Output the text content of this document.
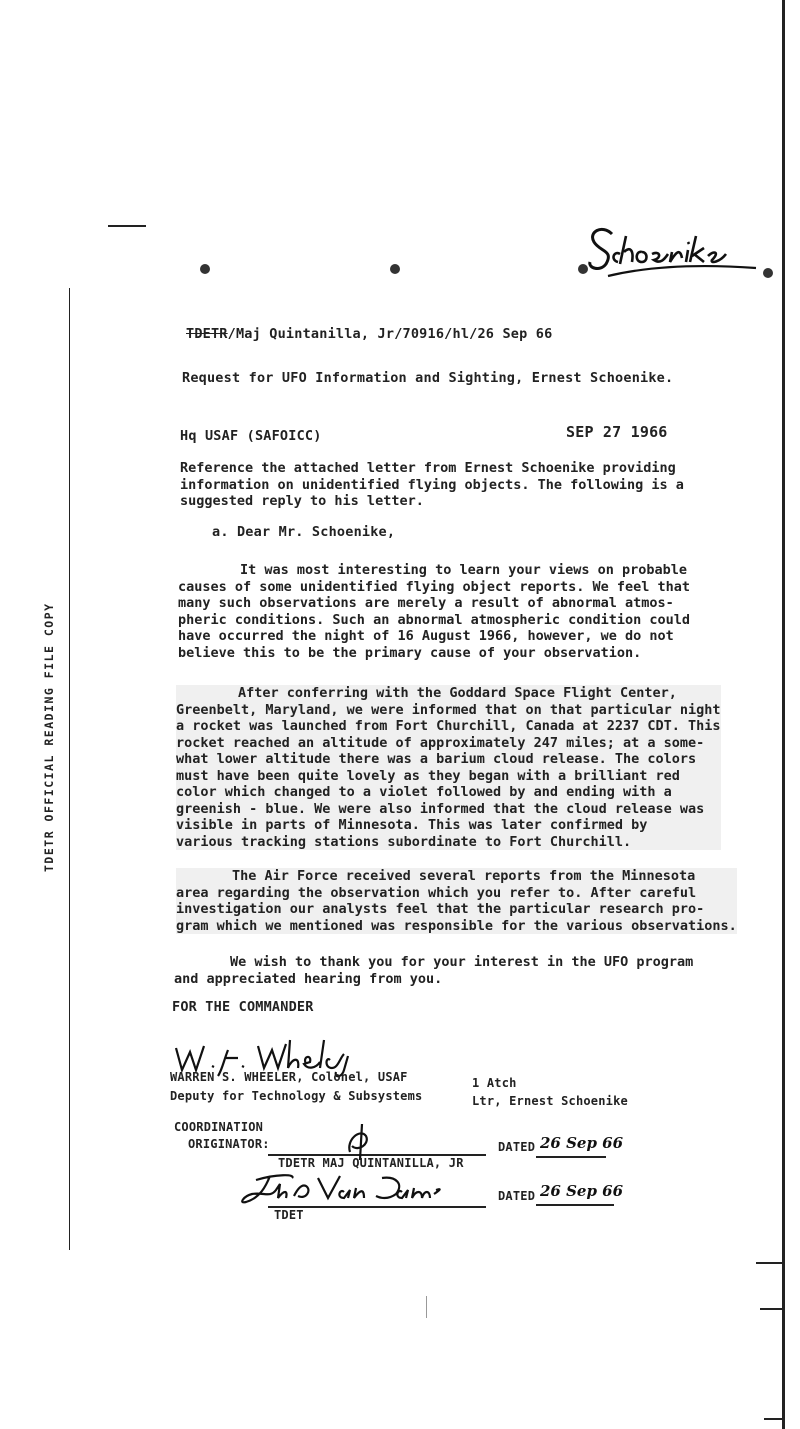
TDETR OFFICIAL READING FILE COPY
TDETR/Maj Quintanilla, Jr/70916/hl/26 Sep 66
Request for UFO Information and Sighting, Ernest Schoenike.
Hq USAF (SAFOICC)	SEP 27 1966

Reference the attached letter from Ernest Schoenike providing

information on unidentified flying objects. The following is a

suggested reply to his letter.

a. Dear Mr. Schoenike,

It was most interesting to learn your views on probable

causes of some unidentified flying object reports. We feel that

many such observations are merely a result of abnormal atmos-

pheric conditions. Such an abnormal atmospheric condition could

have occurred the night of 16 August 1966, however, we do not

believe this to be the primary cause of your observation.

After conferring with the Goddard Space Flight Center,

Greenbelt, Maryland, we were informed that on that particular night

a rocket was launched from Fort Churchill, Canada at 2237 CDT. This

rocket reached an altitude of approximately 247 miles; at a some-

what lower altitude there was a barium cloud release. The colors

must have been quite lovely as they began with a brilliant red

color which changed to a violet followed by and ending with a

greenish - blue. We were also informed that the cloud release was

visible in parts of Minnesota. This was later confirmed by

various tracking stations subordinate to Fort Churchill.

The Air Force received several reports from the Minnesota

area regarding the observation which you refer to. After careful

investigation our analysts feel that the particular research pro-

gram which we mentioned was responsible for the various observations.

We wish to thank you for your interest in the UFO program

and appreciated hearing from you.

FOR THE COMMANDER
WARREN S. WHEELER, Colonel, USAF
Deputy for Technology & Subsystems
1 Atch
Ltr, Ernest Schoenike
COORDINATION
ORIGINATOR:
TDETR MAJ QUINTANILLA, JR
DATED 26 Sep 66
TDET
DATED 26 Sep 66
